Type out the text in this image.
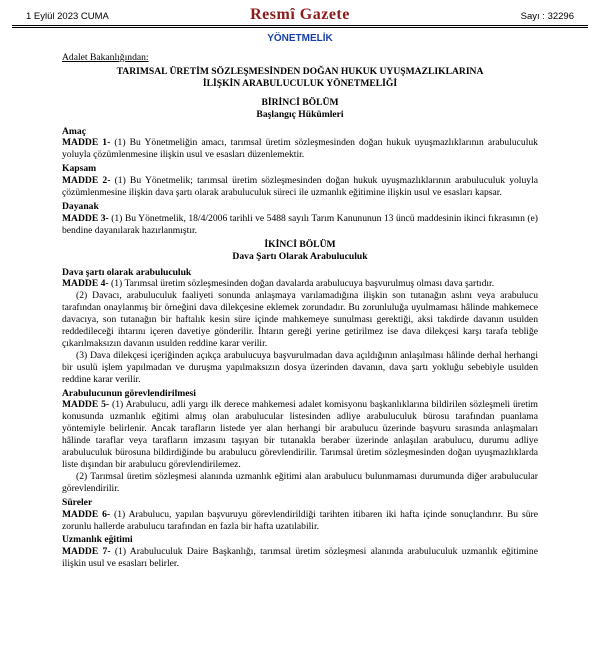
1 Eylül 2023 CUMA	Resmî Gazete	Sayı : 32296
YÖNETMELİK

Adalet Bakanlığından:

TARIMSAL ÜRETİM SÖZLEŞMESİNDEN DOĞAN HUKUK UYUŞMAZLIKLARINA
İLİŞKİN ARABULUCULUK YÖNETMELİĞİ

BİRİNCİ BÖLÜM

Başlangıç Hükümleri

Amaç

MADDE 1- (1) Bu Yönetmeliğin amacı, tarımsal üretim sözleşmesinden doğan hukuk uyuşmazlıklarının arabuluculuk yoluyla çözümlenmesine ilişkin usul ve esasları düzenlemektir.

Kapsam

MADDE 2- (1) Bu Yönetmelik; tarımsal üretim sözleşmesinden doğan hukuk uyuşmazlıklarının arabuluculuk yoluyla çözümlenmesine ilişkin dava şartı olarak arabuluculuk süreci ile uzmanlık eğitimine ilişkin usul ve esasları kapsar.

Dayanak

MADDE 3- (1) Bu Yönetmelik, 18/4/2006 tarihli ve 5488 sayılı Tarım Kanununun 13 üncü maddesinin ikinci fıkrasının (e) bendine dayanılarak hazırlanmıştır.

İKİNCİ BÖLÜM

Dava Şartı Olarak Arabuluculuk

Dava şartı olarak arabuluculuk

MADDE 4- (1) Tarımsal üretim sözleşmesinden doğan davalarda arabulucuya başvurulmuş olması dava şartıdır.

(2) Davacı, arabuluculuk faaliyeti sonunda anlaşmaya varılamadığına ilişkin son tutanağın aslını veya arabulucu tarafından onaylanmış bir örneğini dava dilekçesine eklemek zorundadır. Bu zorunluluğa uyulmaması hâlinde mahkemece davacıya, son tutanağın bir haftalık kesin süre içinde mahkemeye sunulması gerektiği, aksi takdirde davanın usulden reddedileceği ihtarını içeren davetiye gönderilir. İhtarın gereği yerine getirilmez ise dava dilekçesi karşı tarafa tebliğe çıkarılmaksızın davanın usulden reddine karar verilir.

(3) Dava dilekçesi içeriğinden açıkça arabulucuya başvurulmadan dava açıldığının anlaşılması hâlinde derhal herhangi bir usulü işlem yapılmadan ve duruşma yapılmaksızın dosya üzerinden davanın, dava şartı yokluğu sebebiyle usulden reddine karar verilir.

Arabulucunun görevlendirilmesi

MADDE 5- (1) Arabulucu, adli yargı ilk derece mahkemesi adalet komisyonu başkanlıklarına bildirilen sözleşmeli üretim konusunda uzmanlık eğitimi almış olan arabulucular listesinden adliye arabuluculuk bürosu tarafından puanlama yöntemiyle belirlenir. Ancak tarafların listede yer alan herhangi bir arabulucu üzerinde başvuru sırasında anlaşmaları hâlinde taraflar veya tarafların imzasını taşıyan bir tutanakla beraber üzerinde anlaşılan arabulucu, durumu adliye arabuluculuk bürosuna bildirdiğinde bu arabulucu görevlendirilir. Tarımsal üretim sözleşmesinden doğan uyuşmazlıklarda liste dışından bir arabulucu görevlendirilemez.

(2) Tarımsal üretim sözleşmesi alanında uzmanlık eğitimi alan arabulucu bulunmaması durumunda diğer arabulucular görevlendirilir.

Süreler

MADDE 6- (1) Arabulucu, yapılan başvuruyu görevlendirildiği tarihten itibaren iki hafta içinde sonuçlandırır. Bu süre zorunlu hallerde arabulucu tarafından en fazla bir hafta uzatılabilir.

Uzmanlık eğitimi

MADDE 7- (1) Arabuluculuk Daire Başkanlığı, tarımsal üretim sözleşmesi alanında arabuluculuk uzmanlık eğitimine ilişkin usul ve esasları belirler.
